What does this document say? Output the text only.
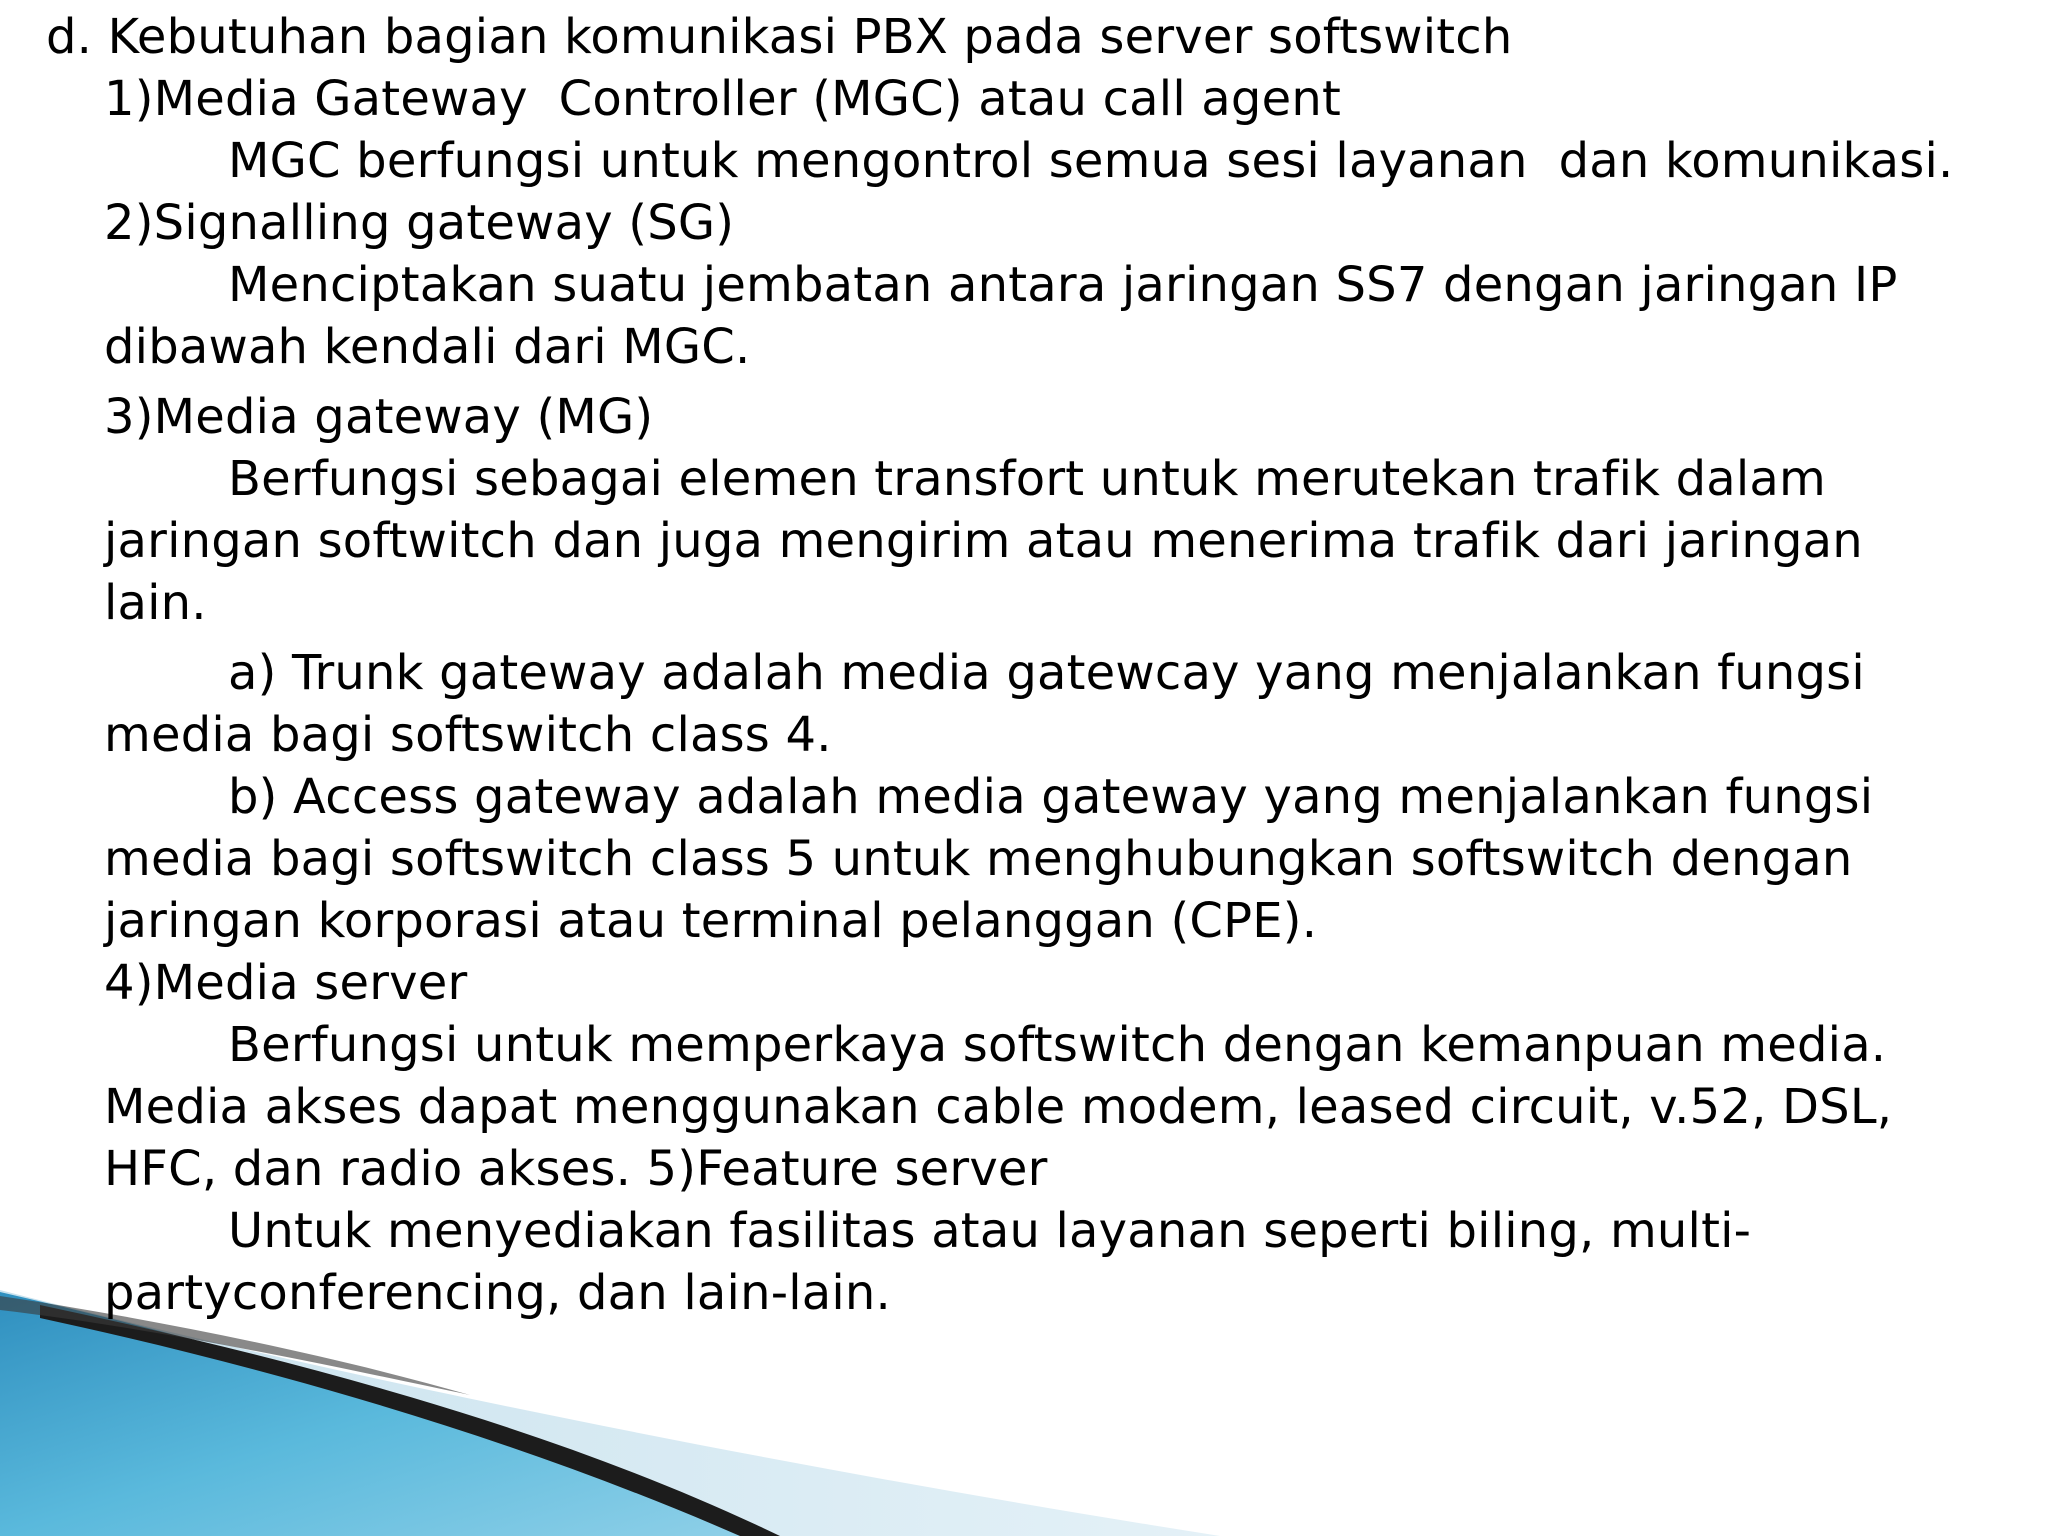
d. Kebutuhan bagian komunikasi PBX pada server softswitch
1)Media Gateway  Controller (MGC) atau call agent
MGC berfungsi untuk mengontrol semua sesi layanan  dan komunikasi.
2)Signalling gateway (SG)
Menciptakan suatu jembatan antara jaringan SS7 dengan jaringan IP
dibawah kendali dari MGC.
3)Media gateway (MG)
Berfungsi sebagai elemen transfort untuk merutekan trafik dalam
jaringan softwitch dan juga mengirim atau menerima trafik dari jaringan
lain.
a) Trunk gateway adalah media gatewcay yang menjalankan fungsi
media bagi softswitch class 4.
b) Access gateway adalah media gateway yang menjalankan fungsi
media bagi softswitch class 5 untuk menghubungkan softswitch dengan
jaringan korporasi atau terminal pelanggan (CPE).
4)Media server
Berfungsi untuk memperkaya softswitch dengan kemanpuan media.
Media akses dapat menggunakan cable modem, leased circuit, v.52, DSL,
HFC, dan radio akses. 5)Feature server
Untuk menyediakan fasilitas atau layanan seperti biling, multi-
partyconferencing, dan lain-lain.
